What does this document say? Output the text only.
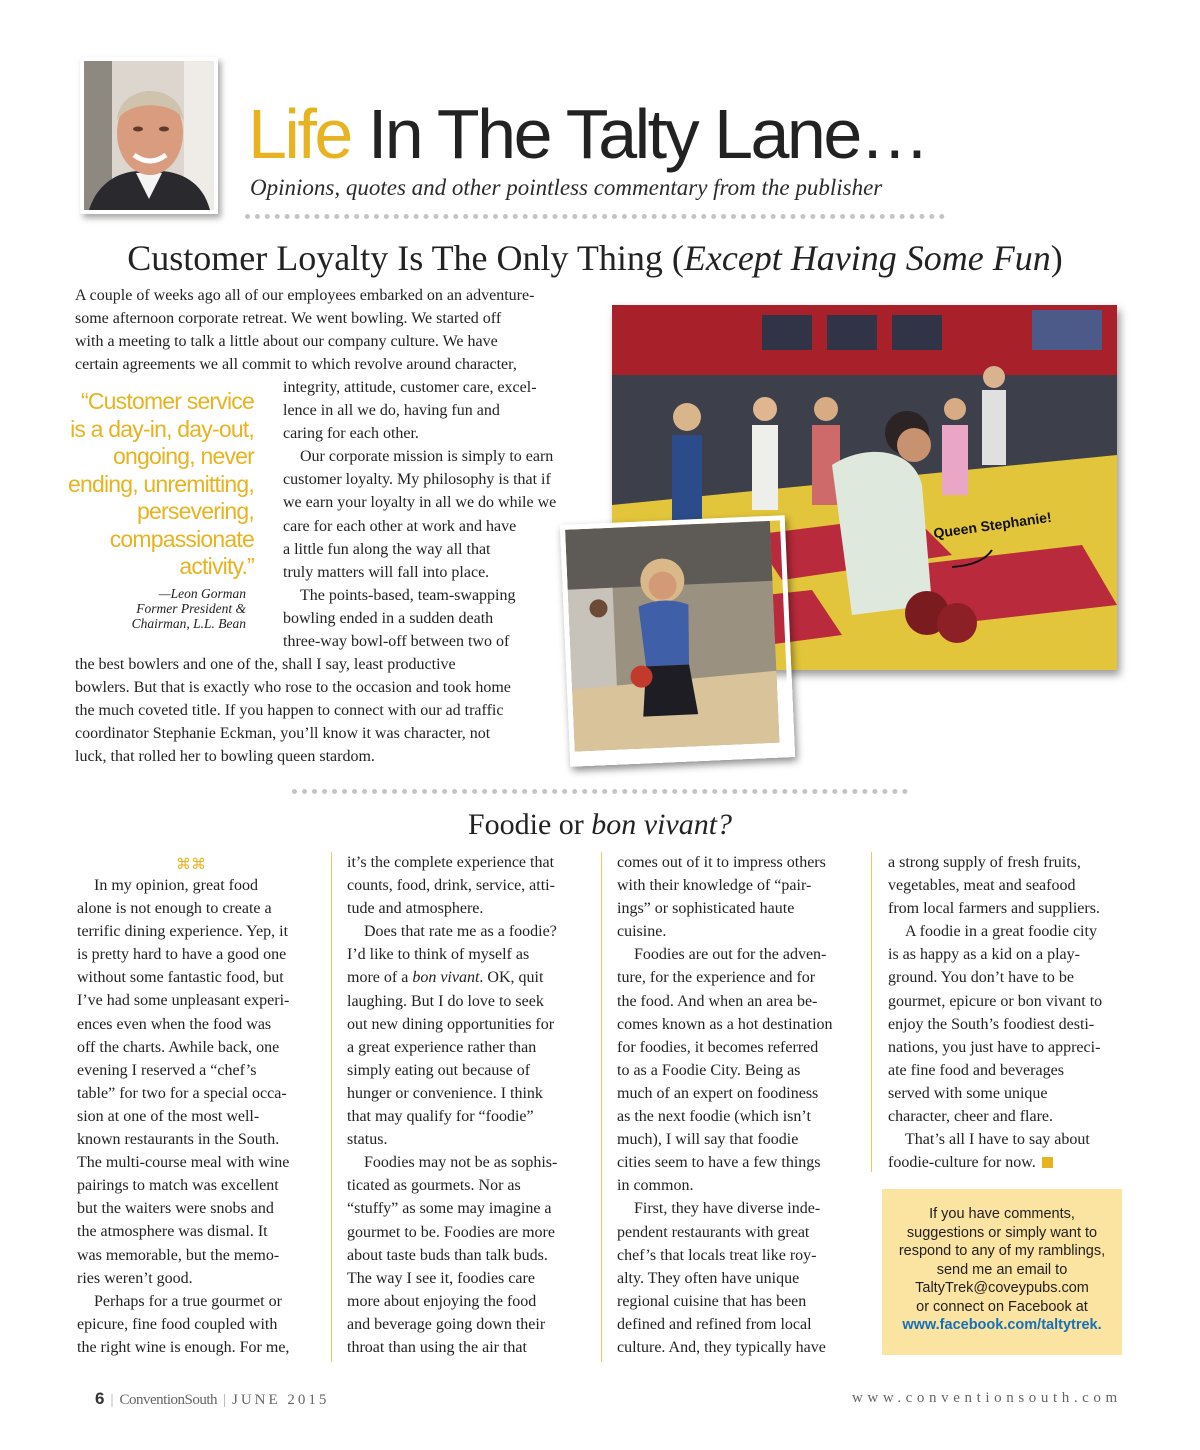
Life In The Talty Lane…
Opinions, quotes and other pointless commentary from the publisher
Customer Loyalty Is The Only Thing (Except Having Some Fun)
A couple of weeks ago all of our employees embarked on an adventure-
some afternoon corporate retreat. We went bowling. We started off
with a meeting to talk a little about our company culture. We have
certain agreements we all commit to which revolve around character,
integrity, attitude, customer care, excel-
lence in all we do, having fun and
caring for each other.
Our corporate mission is simply to earn
customer loyalty. My philosophy is that if
we earn your loyalty in all we do while we
care for each other at work and have
a little fun along the way all that
truly matters will fall into place.
The points-based, team-swapping
bowling ended in a sudden death
three-way bowl-off between two of
the best bowlers and one of the, shall I say, least productive
bowlers. But that is exactly who rose to the occasion and took home
the much coveted title. If you happen to connect with our ad traffic
coordinator Stephanie Eckman, you’ll know it was character, not
luck, that rolled her to bowling queen stardom.
“Customer service
is a day-in, day-out,
ongoing, never
ending, unremitting,
persevering,
compassionate
activity.”
—Leon Gorman
Former President &
Chairman, L.L. Bean
Queen Stephanie!
Foodie or bon vivant?
⌘⌘
In my opinion, great food
alone is not enough to create a
terrific dining experience. Yep, it
is pretty hard to have a good one
without some fantastic food, but
I’ve had some unpleasant experi-
ences even when the food was
off the charts. Awhile back, one
evening I reserved a “chef’s
table” for two for a special occa-
sion at one of the most well-
known restaurants in the South.
The multi-course meal with wine
pairings to match was excellent
but the waiters were snobs and
the atmosphere was dismal. It
was memorable, but the memo-
ries weren’t good.
Perhaps for a true gourmet or
epicure, fine food coupled with
the right wine is enough. For me,
it’s the complete experience that
counts, food, drink, service, atti-
tude and atmosphere.
Does that rate me as a foodie?
I’d like to think of myself as
more of a bon vivant. OK, quit
laughing. But I do love to seek
out new dining opportunities for
a great experience rather than
simply eating out because of
hunger or convenience. I think
that may qualify for “foodie”
status.
Foodies may not be as sophis-
ticated as gourmets. Nor as
“stuffy” as some may imagine a
gourmet to be. Foodies are more
about taste buds than talk buds.
The way I see it, foodies care
more about enjoying the food
and beverage going down their
throat than using the air that
comes out of it to impress others
with their knowledge of “pair-
ings” or sophisticated haute
cuisine.
Foodies are out for the adven-
ture, for the experience and for
the food. And when an area be-
comes known as a hot destination
for foodies, it becomes referred
to as a Foodie City. Being as
much of an expert on foodiness
as the next foodie (which isn’t
much), I will say that foodie
cities seem to have a few things
in common.
First, they have diverse inde-
pendent restaurants with great
chef’s that locals treat like roy-
alty. They often have unique
regional cuisine that has been
defined and refined from local
culture. And, they typically have
a strong supply of fresh fruits,
vegetables, meat and seafood
from local farmers and suppliers.
A foodie in a great foodie city
is as happy as a kid on a play-
ground. You don’t have to be
gourmet, epicure or bon vivant to
enjoy the South’s foodiest desti-
nations, you just have to appreci-
ate fine food and beverages
served with some unique
character, cheer and flare.
That’s all I have to say about
foodie-culture for now.
If you have comments,
suggestions or simply want to
respond to any of my ramblings,
send me an email to
TaltyTrek@coveypubs.com
or connect on Facebook at
www.facebook.com/taltytrek.
6 | ConventionSouth | JUNE 2015	www.conventionsouth.com
